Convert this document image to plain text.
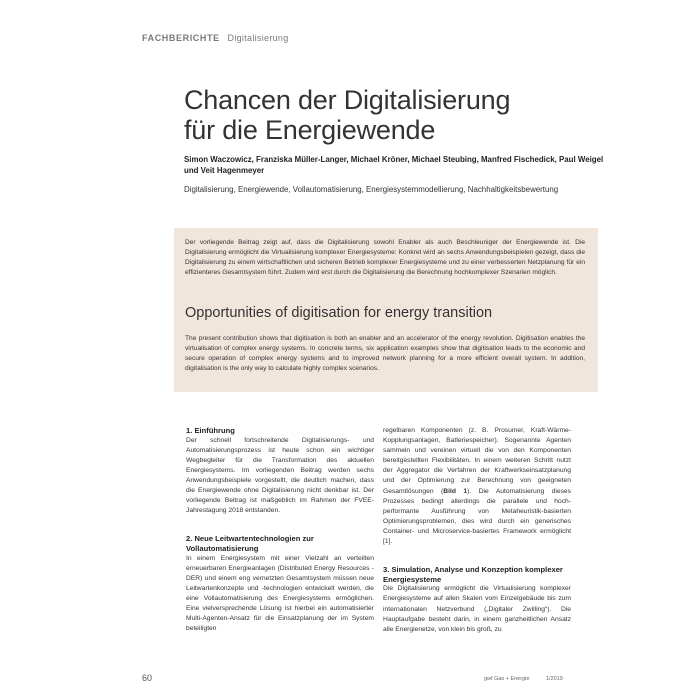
FACHBERICHTE Digitalisierung
Chancen der Digitalisierung
für die Energiewende
Simon Waczowicz, Franziska Müller-Langer, Michael Kröner, Michael Steubing, Manfred Fischedick, Paul Weigel und Veit Hagenmeyer
Digitalisierung, Energiewende, Vollautomatisierung, Energiesystemmodellierung, Nachhaltigkeitsbewertung
Der vorliegende Beitrag zeigt auf, dass die Digitalisierung sowohl Enabler als auch Beschleuniger der Energiewende ist. Die Digitalisierung ermöglicht die Virtualisierung komplexer Energiesysteme: Konkret wird an sechs Anwendungsbeispielen gezeigt, dass die Digitalisierung zu einem wirtschaftlichen und sicheren Betrieb komplexer Energiesysteme und zu einer verbesserten Netzplanung für ein effizienteres Gesamtsystem führt. Zudem wird erst durch die Digitalisierung die Berechnung hochkomplexer Szenarien möglich.
Opportunities of digitisation for energy transition
The present contribution shows that digitisation is both an enabler and an accelerator of the energy revolution. Digitisation enables the virtualisation of complex energy systems. In concrete terms, six application examples show that digitisation leads to the economic and secure operation of complex energy systems and to improved network planning for a more efficient overall system. In addition, digitalisation is the only way to calculate highly complex scenarios.
1. Einführung

Der schnell fortschreitende Digitalisierungs- und Automatisierungsprozess ist heute schon ein wichtiger Wegbegleiter für die Transformation des aktuellen Energiesystems. Im vorliegenden Beitrag werden sechs Anwendungsbeispiele vorgestellt, die deutlich machen, dass die Energiewende ohne Digitalisierung nicht denkbar ist. Der vorliegende Beitrag ist maßgeblich im Rahmen der FVEE-Jahrestagung 2018 entstanden.

2. Neue Leitwartentechnologien zur Vollautomatisierung

In einem Energiesystem mit einer Vielzahl an verteilten erneuerbaren Energieanlagen (Distributed Energy Resources - DER) und einem eng vernetzten Gesamtsystem müssen neue Leitwartenkonzepte und -technologien entwickelt werden, die eine Vollautomatisierung des Energiesystems ermöglichen. Eine vielversprechende Lösung ist hierbei ein automatisierter Multi-Agenten-Ansatz für die Einsatzplanung der im System beteiligten

regelbaren Komponenten (z. B. Prosumer, Kraft-Wärme-Kopplungsanlagen, Batteriespeicher). Sogenannte Agenten sammeln und vereinen virtuell die von den Komponenten bereitgestellten Flexibilitäten. In einem weiteren Schritt nutzt der Aggregator die Verfahren der Kraftwerkseinsatzplanung und der Optimierung zur Berechnung von geeigneten Gesamtlösungen (Bild 1). Die Automatisierung dieses Prozesses bedingt allerdings die parallele und hoch-performante Ausführung von Metaheuristik-basierten Optimierungsproblemen, dies wird durch ein generisches Container- und Microservice-basiertes Framework ermöglicht [1].

3. Simulation, Analyse und Konzeption komplexer Energiesysteme

Die Digitalisierung ermöglicht die Virtualisierung komplexer Energiesysteme auf allen Skalen vom Einzelgebäude bis zum internationalen Netzverbund („Digitaler Zwilling“). Die Hauptaufgabe besteht darin, in einem ganzheitlichen Ansatz alle Energienetze, von klein bis groß, zu

60	gwf Gas + Energie	1/2019
